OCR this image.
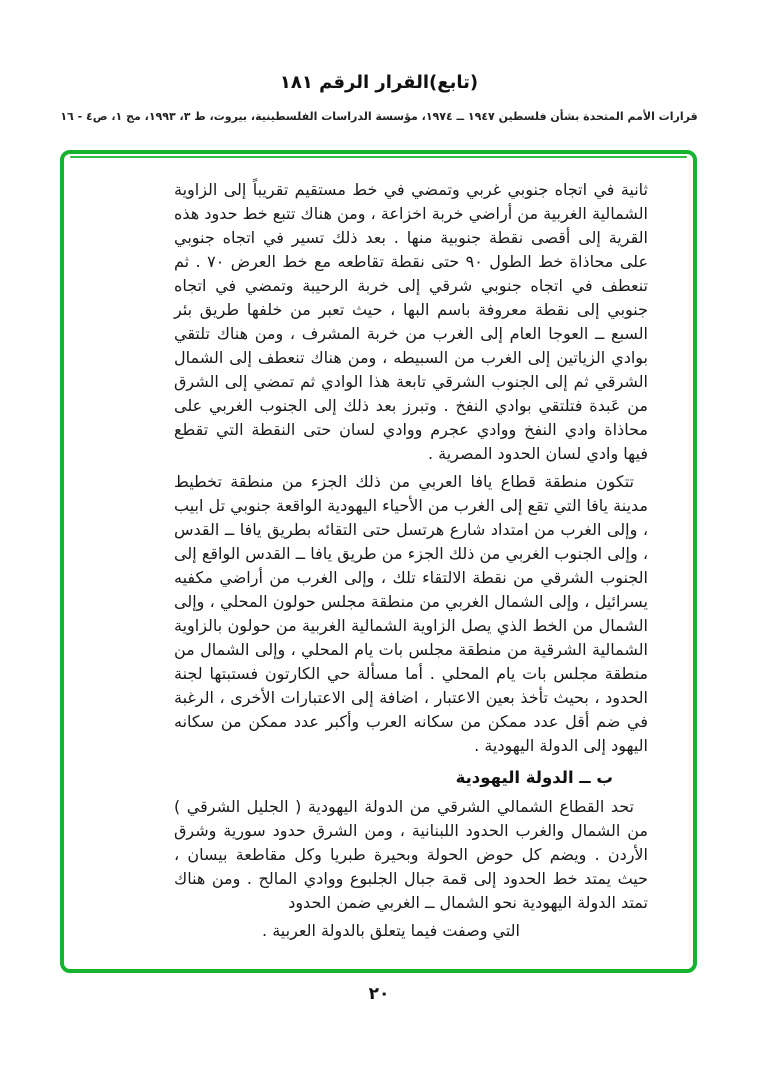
(تابع)القرار الرقم ١٨١
قرارات الأمم المتحدة بشأن فلسطين ١٩٤٧ ــ ١٩٧٤، مؤسسة الدراسات الفلسطينية، بيروت، ط ٣، ١٩٩٣، مج ١، ص٤ - ١٦

ثانية في اتجاه جنوبي غربي وتمضي في خط مستقيم تقريباً إلى الزاوية الشمالية الغربية من أراضي خربة اخزاعة ، ومن هناك تتبع خط حدود هذه القرية إلى أقصى نقطة جنوبية منها . بعد ذلك تسير في اتجاه جنوبي على محاذاة خط الطول ٩٠ حتى نقطة تقاطعه مع خط العرض ٧٠ . ثم تنعطف في اتجاه جنوبي شرقي إلى خربة الرحيبة وتمضي في اتجاه جنوبي إلى نقطة معروفة باسم البها ، حيث تعبر من خلفها طريق بئر السبع ــ العوجا العام إلى الغرب من خربة المشرف ، ومن هناك تلتقي بوادي الزياتين إلى الغرب من السبيطه ، ومن هناك تنعطف إلى الشمال الشرقي ثم إلى الجنوب الشرقي تابعة هذا الوادي ثم تمضي إلى الشرق من عَبدة فتلتقي بوادي النفخ . وتبرز بعد ذلك إلى الجنوب الغربي على محاذاة وادي النفخ ووادي عجرم ووادي لسان حتى النقطة التي تقطع فيها وادي لسان الحدود المصرية .

تتكون منطقة قطاع يافا العربي من ذلك الجزء من منطقة تخطيط مدينة يافا التي تقع إلى الغرب من الأحياء اليهودية الواقعة جنوبي تل ابيب ، وإلى الغرب من امتداد شارع هرتسل حتى التقائه بطريق يافا ــ القدس ، وإلى الجنوب الغربي من ذلك الجزء من طريق يافا ــ القدس الواقع إلى الجنوب الشرقي من نقطة الالتقاء تلك ، وإلى الغرب من أراضي مكفيه يسرائيل ، وإلى الشمال الغربي من منطقة مجلس حولون المحلي ، وإلى الشمال من الخط الذي يصل الزاوية الشمالية الغربية من حولون بالزاوية الشمالية الشرقية من منطقة مجلس بات يام المحلي ، وإلى الشمال من منطقة مجلس بات يام المحلي . أما مسألة حي الكارتون فستبتها لجنة الحدود ، بحيث تأخذ بعين الاعتبار ، اضافة إلى الاعتبارات الأخرى ، الرغبة في ضم أقل عدد ممكن من سكانه العرب وأكبر عدد ممكن من سكانه اليهود إلى الدولة اليهودية .

ب ــ الدولة اليهودية

تحد القطاع الشمالي الشرقي من الدولة اليهودية ( الجليل الشرقي ) من الشمال والغرب الحدود اللبنانية ، ومن الشرق حدود سورية وشرق الأردن . ويضم كل حوض الحولة وبحيرة طبريا وكل مقاطعة بيسان ، حيث يمتد خط الحدود إلى قمة جبال الجلبوع ووادي المالح . ومن هناك تمتد الدولة اليهودية نحو الشمال ــ الغربي ضمن الحدود

التي وصفت فيما يتعلق بالدولة العربية .
٢٠
